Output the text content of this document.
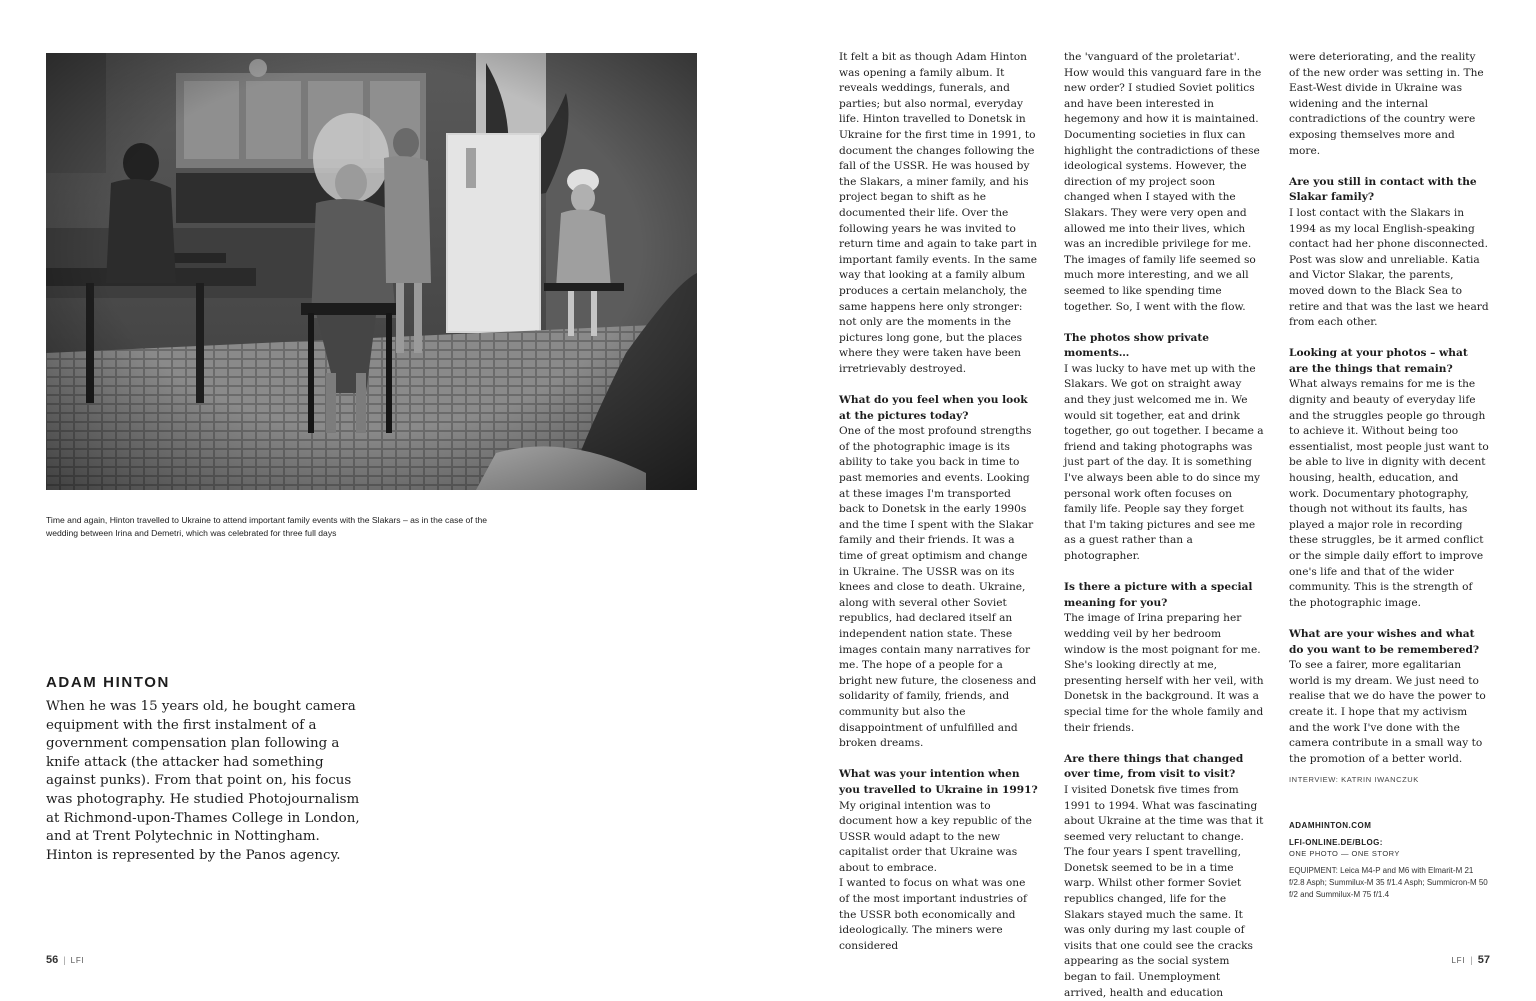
Time and again, Hinton travelled to Ukraine to attend important family events with the Slakars – as in the case of the wedding between Irina and Demetri, which was celebrated for three full days
ADAM HINTON
When he was 15 years old, he bought camera equipment with the first instalment of a government compensation plan following a knife attack (the attacker had something against punks). From that point on, his focus was photography. He studied Photojournalism at Richmond-upon-Thames College in London, and at Trent Polytechnic in Nottingham. Hinton is represented by the Panos agency.
56 | LFI

It felt a bit as though Adam Hinton was opening a family album. It reveals weddings, funerals, and parties; but also normal, everyday life. Hinton travelled to Donetsk in Ukraine for the first time in 1991, to document the changes following the fall of the USSR. He was housed by the Slakars, a miner family, and his project began to shift as he documented their life. Over the following years he was invited to return time and again to take part in important family events. In the same way that looking at a family album produces a certain melancholy, the same happens here only stronger: not only are the moments in the pictures long gone, but the places where they were taken have been irretrievably destroyed.

What do you feel when you look at the pictures today?

One of the most profound strengths of the photographic image is its ability to take you back in time to past memories and events. Looking at these images I'm transported back to Donetsk in the early 1990s and the time I spent with the Slakar family and their friends. It was a time of great optimism and change in Ukraine. The USSR was on its knees and close to death. Ukraine, along with several other Soviet republics, had declared itself an independent nation state. These images contain many narratives for me. The hope of a people for a bright new future, the closeness and solidarity of family, friends, and community but also the disappointment of unfulfilled and broken dreams.

What was your intention when you travelled to Ukraine in 1991?

My original intention was to document how a key republic of the USSR would adapt to the new capitalist order that Ukraine was about to embrace.

I wanted to focus on what was one of the most important industries of the USSR both economically and ideologically. The miners were considered

the 'vanguard of the proletariat'. How would this vanguard fare in the new order? I studied Soviet politics and have been interested in hegemony and how it is maintained. Documenting societies in flux can highlight the contradictions of these ideological systems. However, the direction of my project soon changed when I stayed with the Slakars. They were very open and allowed me into their lives, which was an incredible privilege for me. The images of family life seemed so much more interesting, and we all seemed to like spending time together. So, I went with the flow.

The photos show private moments…

I was lucky to have met up with the Slakars. We got on straight away and they just welcomed me in. We would sit together, eat and drink together, go out together. I became a friend and taking photographs was just part of the day. It is something I've always been able to do since my personal work often focuses on family life. People say they forget that I'm taking pictures and see me as a guest rather than a photographer.

Is there a picture with a special meaning for you?

The image of Irina preparing her wedding veil by her bedroom window is the most poignant for me. She's looking directly at me, presenting herself with her veil, with Donetsk in the background. It was a special time for the whole family and their friends.

Are there things that changed over time, from visit to visit?

I visited Donetsk five times from 1991 to 1994. What was fascinating about Ukraine at the time was that it seemed very reluctant to change. The four years I spent travelling, Donetsk seemed to be in a time warp. Whilst other former Soviet republics changed, life for the Slakars stayed much the same. It was only during my last couple of visits that one could see the cracks appearing as the social system began to fail. Unemployment arrived, health and education

were deteriorating, and the reality of the new order was setting in. The East-West divide in Ukraine was widening and the internal contradictions of the country were exposing themselves more and more.

Are you still in contact with the Slakar family?

I lost contact with the Slakars in 1994 as my local English-speaking contact had her phone disconnected. Post was slow and unreliable. Katia and Victor Slakar, the parents, moved down to the Black Sea to retire and that was the last we heard from each other.

Looking at your photos – what are the things that remain?

What always remains for me is the dignity and beauty of everyday life and the struggles people go through to achieve it. Without being too essentialist, most people just want to be able to live in dignity with decent housing, health, education, and work. Documentary photography, though not without its faults, has played a major role in recording these struggles, be it armed conflict or the simple daily effort to improve one's life and that of the wider community. This is the strength of the photographic image.

What are your wishes and what do you want to be remembered?

To see a fairer, more egalitarian world is my dream. We just need to realise that we do have the power to create it. I hope that my activism and the work I've done with the camera contribute in a small way to the promotion of a better world.

INTERVIEW: KATRIN IWANCZUK

ADAMHINTON.COM
LFI-ONLINE.DE/BLOG:
ONE PHOTO — ONE STORY
EQUIPMENT: Leica M4-P and M6 with Elmarit-M 21 f/2.8 Asph; Summilux-M 35 f/1.4 Asph; Summicron-M 50 f/2 and Summilux-M 75 f/1.4
LFI | 57
